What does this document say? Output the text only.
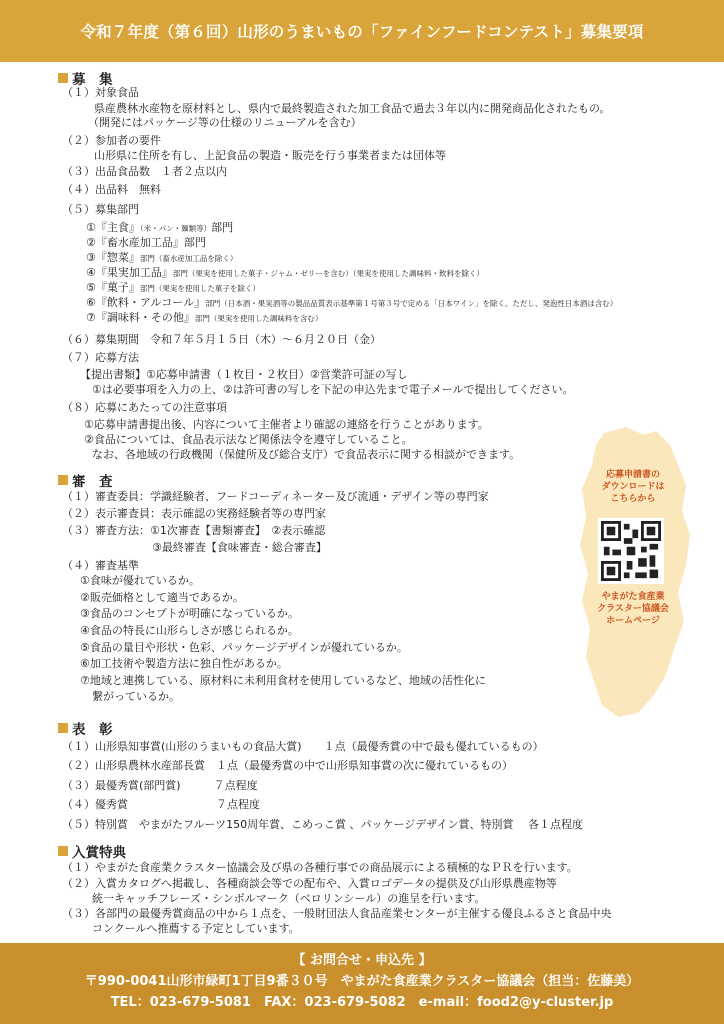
令和７年度（第６回）山形のうまいもの「ファインフードコンテスト」募集要項
募　集
（１）対象食品
県産農林水産物を原材料とし、県内で最終製造された加工食品で過去３年以内に開発商品化されたもの。
（開発にはパッケージ等の仕様のリニューアルを含む）
（２）参加者の要件
山形県に住所を有し、上記食品の製造・販売を行う事業者または団体等
（３）出品食品数　１者２点以内
（４）出品料　無料
（５）募集部門
①『主食』（米・パン・麺類等）部門
②『畜水産加工品』部門
③『惣菜』部門（畜水産加工品を除く）
④『果実加工品』部門（果実を使用した菓子・ジャム・ゼリーを含む）（果実を使用した調味料・飲料を除く）
⑤『菓子』部門（果実を使用した菓子を除く）
⑥『飲料・アルコール』部門（日本酒・果実酒等の製品品質表示基準第１号第３号で定める「日本ワイン」を除く。ただし、発泡性日本酒は含む）
⑦『調味料・その他』部門（果実を使用した調味料を含む）
（６）募集期間　令和７年５月１５日（木）～６月２０日（金）
（７）応募方法
【提出書類】①応募申請書（１枚目・２枚目）②営業許可証の写し
①は必要事項を入力の上、②は許可書の写しを下記の申込先まで電子メールで提出してください。
（８）応募にあたっての注意事項
①応募申請書提出後、内容について主催者より確認の連絡を行うことがあります。
②食品については、食品表示法など関係法令を遵守していること。
なお、各地域の行政機関（保健所及び総合支庁）で食品表示に関する相談ができます。
応募申請書の
ダウンロードは
こちらから
やまがた食産業
クラスター協議会
ホームページ
審　査
（１）審査委員：学識経験者、フードコーディネーター及び流通・デザイン等の専門家
（２）表示審査員：表示確認の実務経験者等の専門家
（３）審査方法：①1次審査【書類審査】　②表示確認
③最終審査【食味審査・総合審査】
（４）審査基準
①食味が優れているか。
②販売価格として適当であるか。
③食品のコンセプトが明確になっているか。
④食品の特長に山形らしさが感じられるか。
⑤食品の量目や形状・色彩、パッケージデザインが優れているか。
⑥加工技術や製造方法に独自性があるか。
⑦地域と連携している、原材料に未利用食材を使用しているなど、地域の活性化に
繋がっているか。
表　彰
（１）山形県知事賞(山形のうまいもの食品大賞)　　１点（最優秀賞の中で最も優れているもの）
（２）山形県農林水産部長賞　１点（最優秀賞の中で山形県知事賞の次に優れているもの）
（３）最優秀賞(部門賞)　　　７点程度
（４）優秀賞　　　　　　　　７点程度
（５）特別賞　やまがたフルーツ150周年賞、こめっこ賞 、パッケージデザイン賞、特別賞　 各１点程度
入賞特典
（１）やまがた食産業クラスター協議会及び県の各種行事での商品展示による積極的なＰＲを行います。
（２）入賞カタログへ掲載し、各種商談会等での配布や、入賞ロゴデータの提供及び山形県農産物等
統一キャッチフレーズ・シンボルマーク（ベロリンシール）の進呈を行います。
（３）各部門の最優秀賞商品の中から１点を、一般財団法人食品産業センターが主催する優良ふるさと食品中央
コンクールへ推薦する予定としています。
【 お問合せ・申込先 】
〒990-0041山形市緑町1丁目9番３０号　やまがた食産業クラスター協議会（担当：佐藤美）
TEL：023-679-5081　FAX：023-679-5082　e-mail：food2@y-cluster.jp
